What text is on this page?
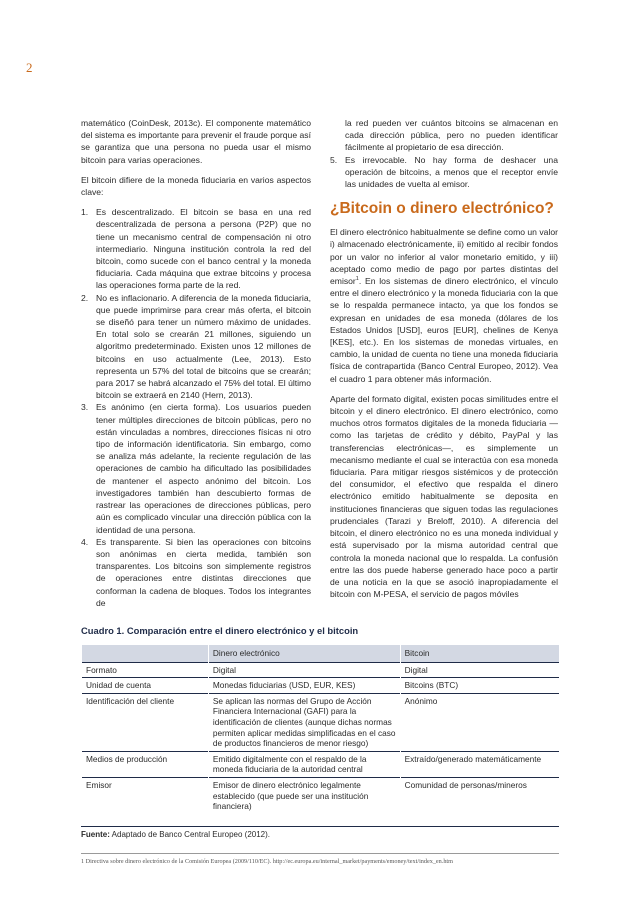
2

matemático (CoinDesk, 2013c). El componente matemático del sistema es importante para prevenir el fraude porque así se garantiza que una persona no pueda usar el mismo bitcoin para varias operaciones.

El bitcoin difiere de la moneda fiduciaria en varios aspectos clave:

1. Es descentralizado. El bitcoin se basa en una red descentralizada de persona a persona (P2P) que no tiene un mecanismo central de compensación ni otro intermediario. Ninguna institución controla la red del bitcoin, como sucede con el banco central y la moneda fiduciaria. Cada máquina que extrae bitcoins y procesa las operaciones forma parte de la red.
2. No es inflacionario. A diferencia de la moneda fiduciaria, que puede imprimirse para crear más oferta, el bitcoin se diseñó para tener un número máximo de unidades. En total solo se crearán 21 millones, siguiendo un algoritmo predeterminado. Existen unos 12 millones de bitcoins en uso actualmente (Lee, 2013). Esto representa un 57% del total de bitcoins que se crearán; para 2017 se habrá alcanzado el 75% del total. El último bitcoin se extraerá en 2140 (Hern, 2013).
3. Es anónimo (en cierta forma). Los usuarios pueden tener múltiples direcciones de bitcoin públicas, pero no están vinculadas a nombres, direcciones físicas ni otro tipo de información identificatoria. Sin embargo, como se analiza más adelante, la reciente regulación de las operaciones de cambio ha dificultado las posibilidades de mantener el aspecto anónimo del bitcoin. Los investigadores también han descubierto formas de rastrear las operaciones de direcciones públicas, pero aún es complicado vincular una dirección pública con la identidad de una persona.
4. Es transparente. Si bien las operaciones con bitcoins son anónimas en cierta medida, también son transparentes. Los bitcoins son simplemente registros de operaciones entre distintas direcciones que conforman la cadena de bloques. Todos los integrantes de
la red pueden ver cuántos bitcoins se almacenan en cada dirección pública, pero no pueden identificar fácilmente al propietario de esa dirección.
5. Es irrevocable. No hay forma de deshacer una operación de bitcoins, a menos que el receptor envíe las unidades de vuelta al emisor.
¿Bitcoin o dinero electrónico?

El dinero electrónico habitualmente se define como un valor i) almacenado electrónicamente, ii) emitido al recibir fondos por un valor no inferior al valor monetario emitido, y iii) aceptado como medio de pago por partes distintas del emisor$^1$. En los sistemas de dinero electrónico, el vínculo entre el dinero electrónico y la moneda fiduciaria con la que se lo respalda permanece intacto, ya que los fondos se expresan en unidades de esa moneda (dólares de los Estados Unidos [USD], euros [EUR], chelines de Kenya [KES], etc.). En los sistemas de monedas virtuales, en cambio, la unidad de cuenta no tiene una moneda fiduciaria física de contrapartida (Banco Central Europeo, 2012). Vea el cuadro 1 para obtener más información.

Aparte del formato digital, existen pocas similitudes entre el bitcoin y el dinero electrónico. El dinero electrónico, como muchos otros formatos digitales de la moneda fiduciaria —como las tarjetas de crédito y débito, PayPal y las transferencias electrónicas—, es simplemente un mecanismo mediante el cual se interactúa con esa moneda fiduciaria. Para mitigar riesgos sistémicos y de protección del consumidor, el efectivo que respalda el dinero electrónico emitido habitualmente se deposita en instituciones financieras que siguen todas las regulaciones prudenciales (Tarazi y Breloff, 2010). A diferencia del bitcoin, el dinero electrónico no es una moneda individual y está supervisado por la misma autoridad central que controla la moneda nacional que lo respalda. La confusión entre las dos puede haberse generado hace poco a partir de una noticia en la que se asoció inapropiadamente el bitcoin con M-PESA, el servicio de pagos móviles

Cuadro 1. Comparación entre el dinero electrónico y el bitcoin
	Dinero electrónico	Bitcoin
Formato	Digital	Digital
Unidad de cuenta	Monedas fiduciarias (USD, EUR, KES)	Bitcoins (BTC)
Identificación del cliente	Se aplican las normas del Grupo de Acción Financiera Internacional (GAFI) para la identificación de clientes (aunque dichas normas permiten aplicar medidas simplificadas en el caso de productos financieros de menor riesgo)	Anónimo
Medios de producción	Emitido digitalmente con el respaldo de la moneda fiduciaria de la autoridad central	Extraído/generado matemáticamente
Emisor	Emisor de dinero electrónico legalmente establecido (que puede ser una institución financiera)	Comunidad de personas/mineros
Fuente: Adaptado de Banco Central Europeo (2012).
1 Directiva sobre dinero electrónico de la Comisión Europea (2009/110/EC). http://ec.europa.eu/internal_market/payments/emoney/text/index_en.htm
